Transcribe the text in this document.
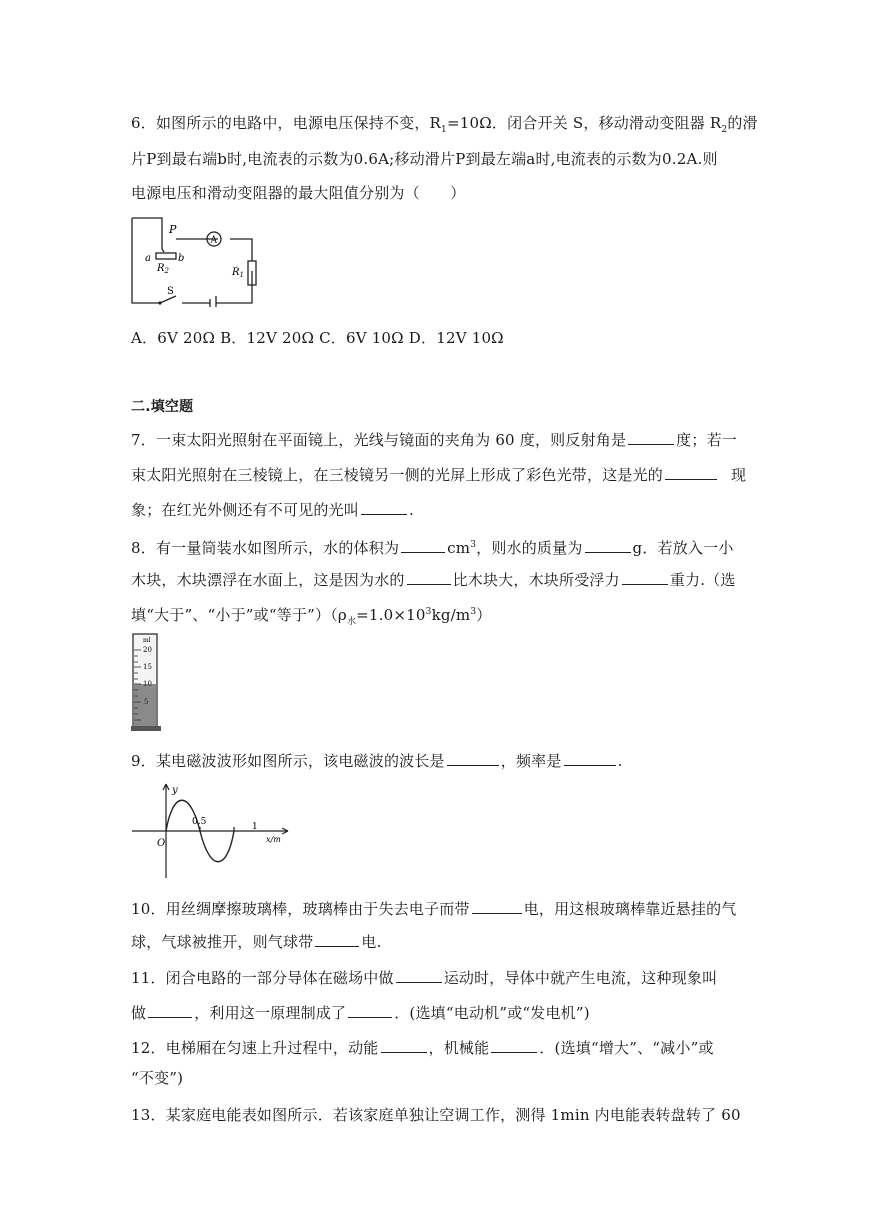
6．如图所示的电路中，电源电压保持不变，$R_1=10\Omega$．闭合开关 S，移动滑动变阻器 $R_2$的滑
片P到最右端b时,电流表的示数为0.6A;移动滑片P到最左端a时,电流表的示数为0.2A.则
电源电压和滑动变阻器的最大阻值分别为（　　）
P
a	b
$R_2$
A
$R_1$
S
A．6V 20Ω B．12V 20Ω C．6V 10Ω D．12V 10Ω
二.填空题
7．一束太阳光照射在平面镜上，光线与镜面的夹角为 60 度，则反射角是	度；若一
束太阳光照射在三棱镜上，在三棱镜另一侧的光屏上形成了彩色光带，这是光的	现
象；在红光外侧还有不可见的光叫	.
8．有一量筒装水如图所示，水的体积为	$cm^3$，则水的质量为	g．若放入一小
木块，木块漂浮在水面上，这是因为水的	比木块大，木块所受浮力	重力.（选
填“大于”、“小于”或“等于$”)(\rho_水=1.0\times 10^3kg/m^3)$
ml
20
15
10
5
9．某电磁波波形如图所示，该电磁波的波长是	，频率是	.
y
O
0.5	1
x/m
10．用丝绸摩擦玻璃棒，玻璃棒由于失去电子而带	电，用这根玻璃棒靠近悬挂的气
球，气球被推开，则气球带	电.
11．闭合电路的一部分导体在磁场中做	运动时，导体中就产生电流，这种现象叫
做	，利用这一原理制成了	．(选填“电动机”或“发电机”)
12．电梯厢在匀速上升过程中，动能	，机械能	．(选填“增大”、“减小”或
“不变”)
13．某家庭电能表如图所示．若该家庭单独让空调工作，测得 1min 内电能表转盘转了 60
